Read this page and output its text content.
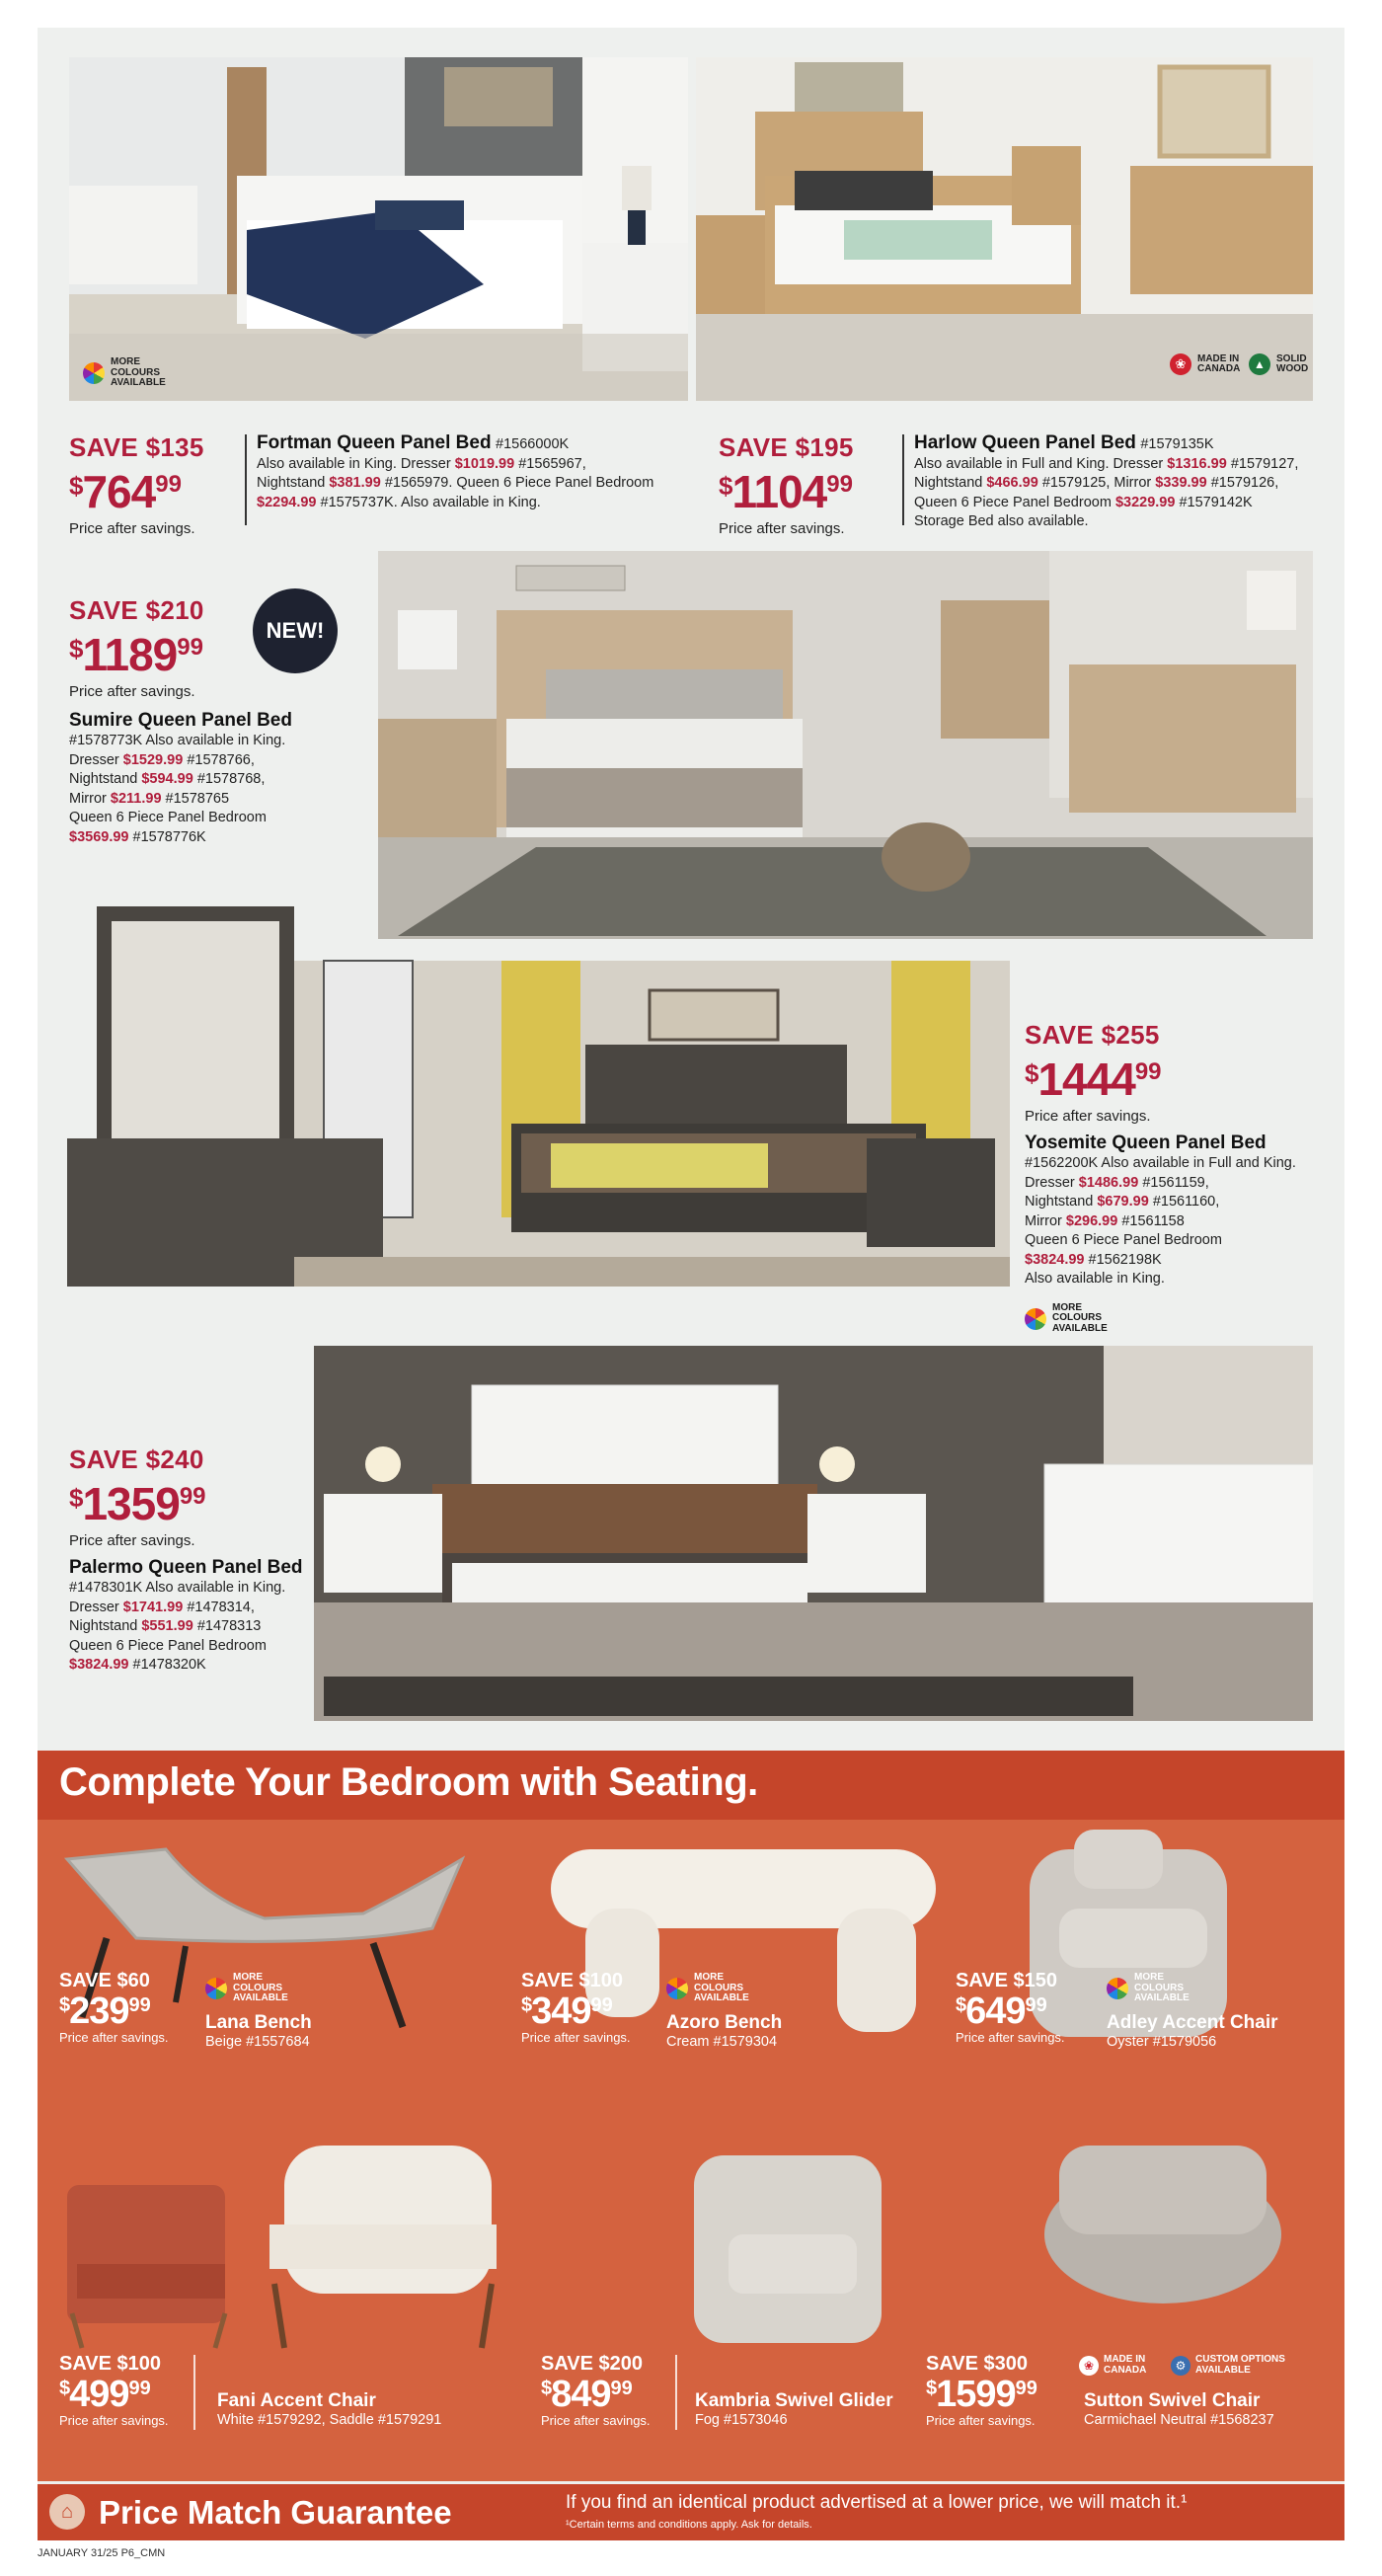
MORE COLOURS AVAILABLE
❀	MADE IN CANADA	▲	SOLID WOOD
SAVE $135
$^{\$}764^{99}$
Price after savings.
Fortman Queen Panel Bed #1566000K
Also available in King. Dresser $1019.99 #1565967,
Nightstand $381.99 #1565979. Queen 6 Piece Panel Bedroom
$2294.99 #1575737K. Also available in King.
SAVE $195
$1104$^{99}$
Price after savings.
Harlow Queen Panel Bed #1579135K
Also available in Full and King. Dresser $1316.99 #1579127,
Nightstand $466.99 #1579125, Mirror $339.99 #1579126,
Queen 6 Piece Panel Bedroom $3229.99 #1579142K
Storage Bed also available.
SAVE $210
$1189$^{99}$
Price after savings.
Sumire Queen Panel Bed
#1578773K Also available in King.
Dresser $1529.99 #1578766,
Nightstand $594.99 #1578768,
Mirror $211.99 #1578765
Queen 6 Piece Panel Bedroom
$3569.99 #1578776K
NEW!
SAVE $255
$1444$^{99}$
Price after savings.
Yosemite Queen Panel Bed
#1562200K Also available in Full and King.
Dresser $1486.99 #1561159,
Nightstand $679.99 #1561160,
Mirror $296.99 #1561158
Queen 6 Piece Panel Bedroom
$3824.99 #1562198K
Also available in King.
MORE COLOURS AVAILABLE
SAVE $240
$1359$^{99}$
Price after savings.
Palermo Queen Panel Bed
#1478301K Also available in King.
Dresser $1741.99 #1478314,
Nightstand $551.99 #1478313
Queen 6 Piece Panel Bedroom
$3824.99 #1478320K
Complete Your Bedroom with Seating.
SAVE $60
$^{\$}239^{99}$
Price after savings.
MORE COLOURS AVAILABLE
Lana Bench
Beige #1557684
SAVE $100
$^{\$}349^{99}$
Price after savings.
MORE COLOURS AVAILABLE
Azoro Bench
Cream #1579304
SAVE $150
$^{\$}649^{99}$
Price after savings.
MORE COLOURS AVAILABLE
Adley Accent Chair
Oyster #1579056
SAVE $100
$^{\$}499^{99}$
Price after savings.
Fani Accent Chair
White #1579292, Saddle #1579291
SAVE $200
$^{\$}849^{99}$
Price after savings.
Kambria Swivel Glider
Fog #1573046
SAVE $300
$1599$^{99}$
Price after savings.
❀ MADE IN CANADA	⚙ CUSTOM OPTIONS AVAILABLE
Sutton Swivel Chair
Carmichael Neutral #1568237
⌂ Price Match Guarantee	If you find an identical product advertised at a lower price, we will match it.¹
¹Certain terms and conditions apply. Ask for details.
JANUARY 31/25 P6_CMN
